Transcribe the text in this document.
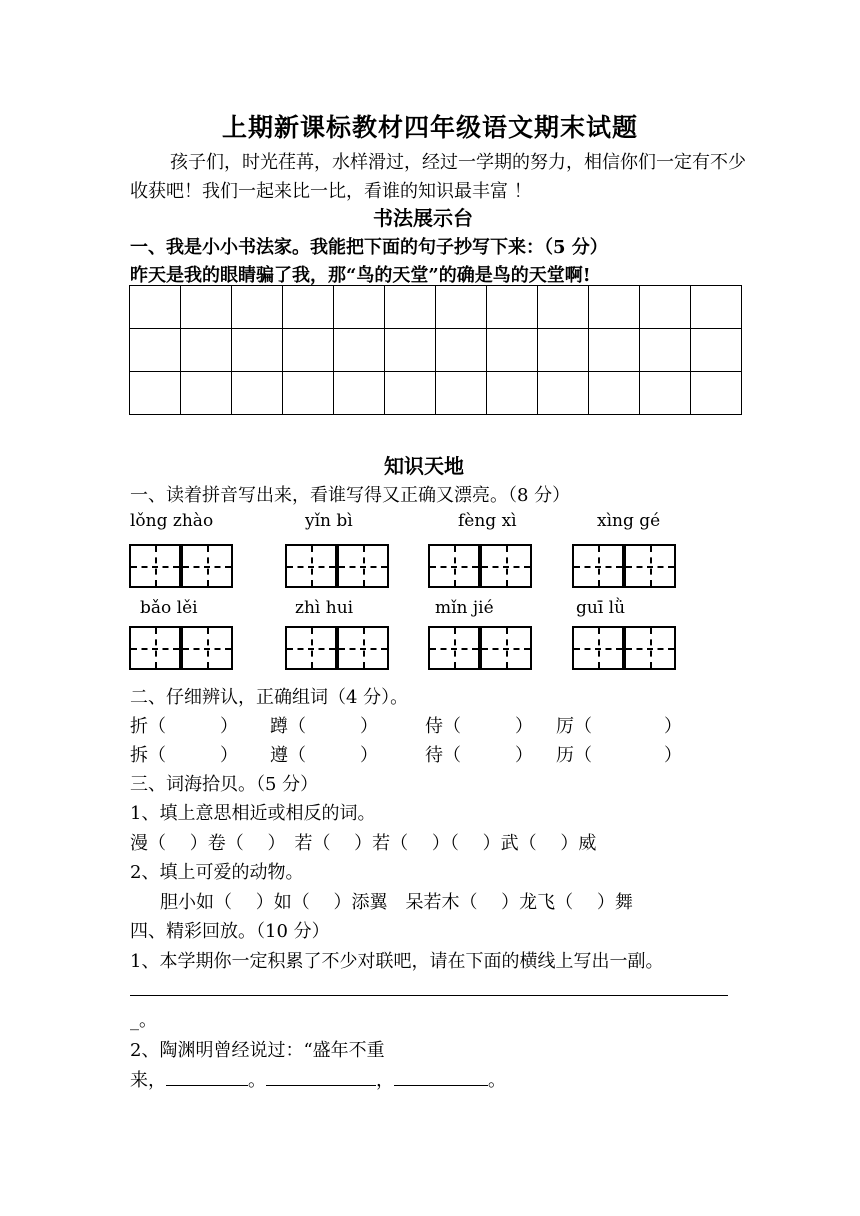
上期新课标教材四年级语文期末试题
孩子们，时光荏苒，水样滑过，经过一学期的努力，相信你们一定有不少
收获吧！我们一起来比一比，看谁的知识最丰富 ！
书法展示台
一、我是小小书法家。我能把下面的句子抄写下来：（5 分）
昨天是我的眼睛骗了我，那“鸟的天堂”的确是鸟的天堂啊!

知识天地
一、读着拼音写出来，看谁写得又正确又漂亮。（8 分）
lǒng zhào	yǐn bì	fèng xì	xìng gé
bǎo lěi	zhì hui	mǐn jié	guī lǜ
二、仔细辨认，正确组词（4 分）。
折（　　　） 蹲（　　　）	侍（　　　） 厉（　　　　）
拆（　　　） 遵（　　　）	待（　　　） 历（　　　　）
三、词海拾贝。（5 分）
1、填上意思相近或相反的词。
漫（　 ）卷（　 ）　若（　 ）若（　 ）（　 ）武（　 ）威
2、填上可爱的动物。
胆小如（　 ）如（　 ）添翼　呆若木（　 ）龙飞（　 ）舞
四、精彩回放。（10 分）
1、本学期你一定积累了不少对联吧，请在下面的横线上写出一副。
_。
2、陶渊明曾经说过：“盛年不重
来，	。	，	。
